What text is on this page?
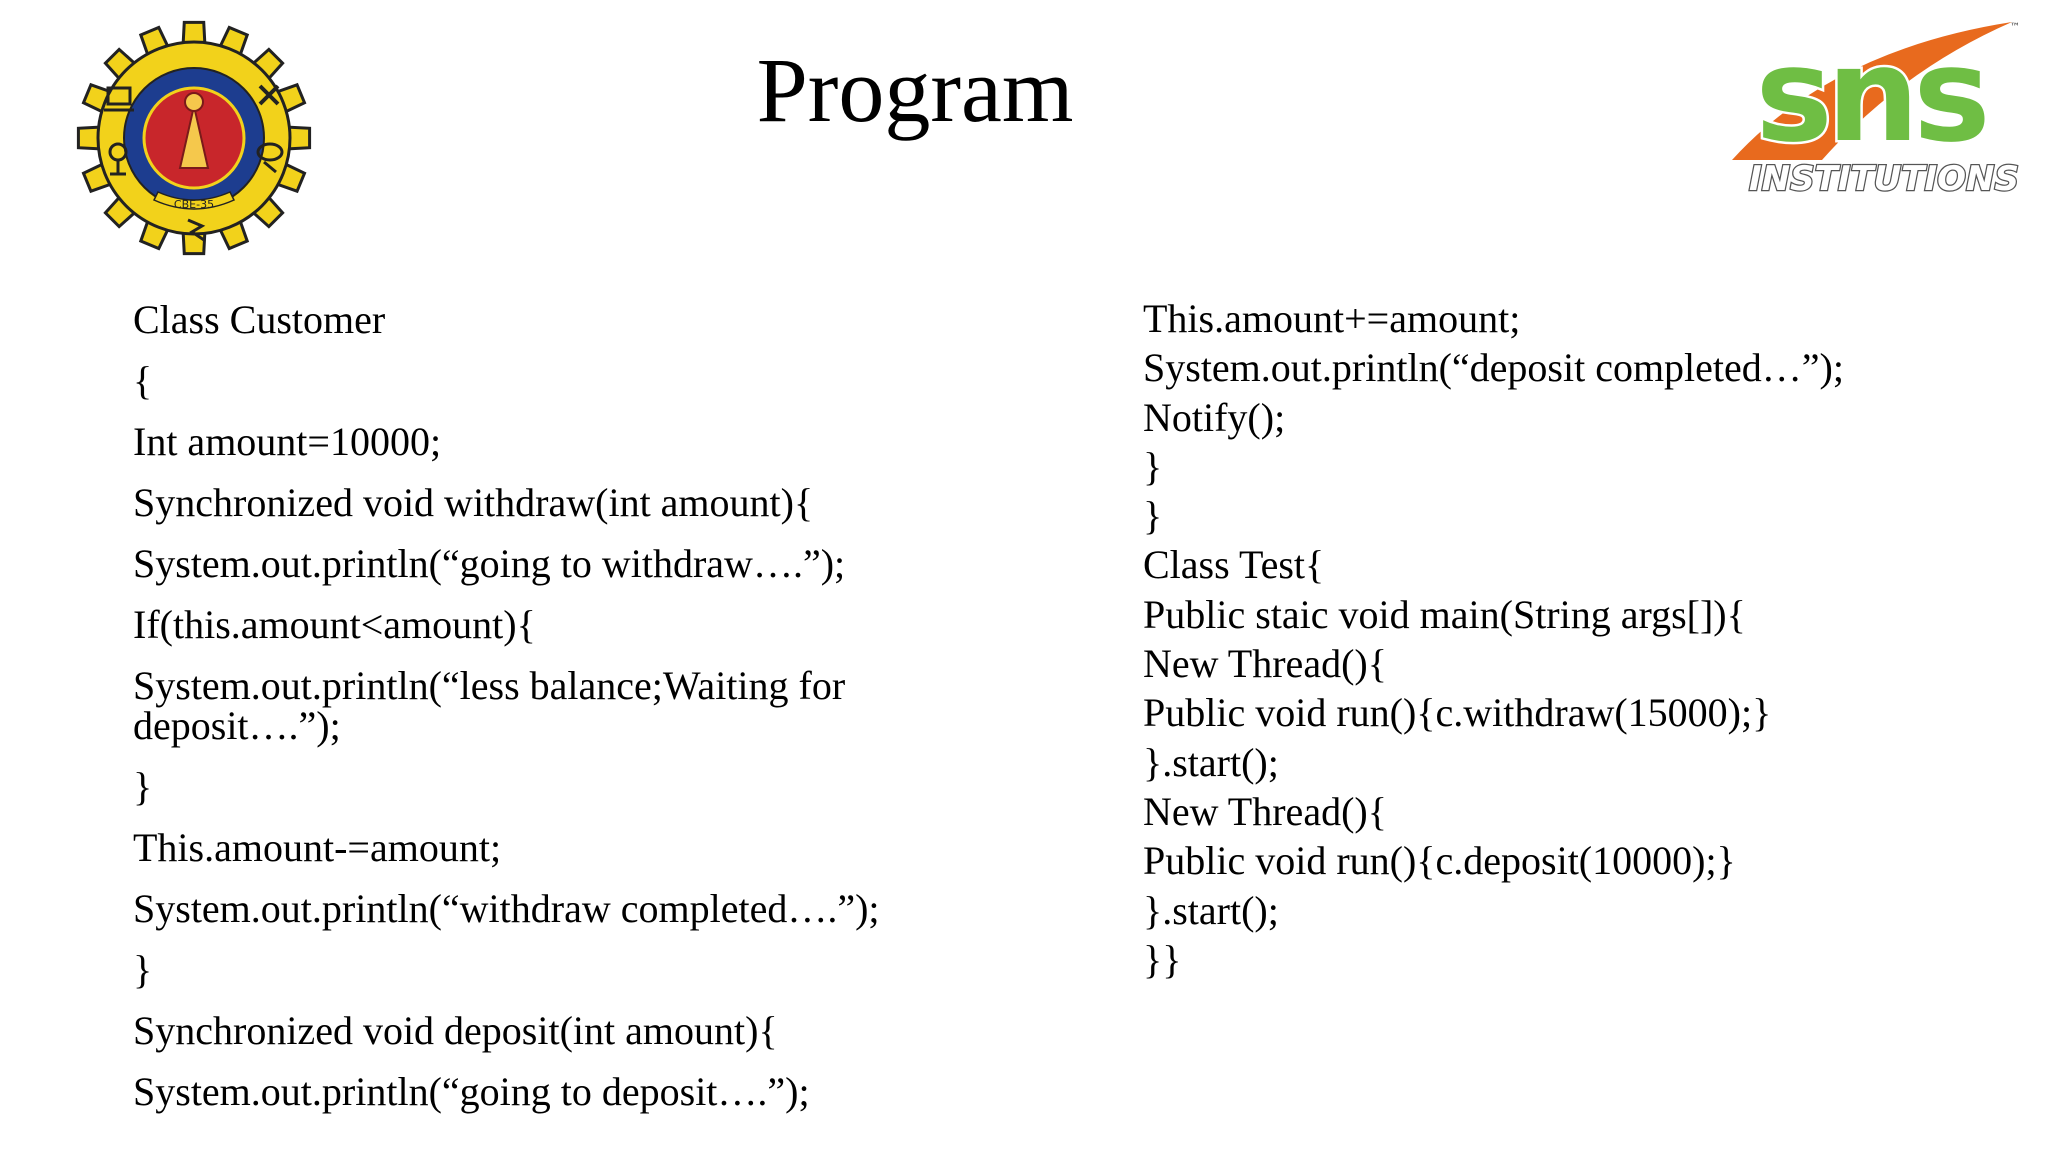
CBE-35
Program	sns
INSTITUTIONS
™
Class Customer
{
Int amount=10000;
Synchronized void withdraw(int amount){
System.out.println(“going to withdraw….”);
If(this.amount<amount){
System.out.println(“less balance;Waiting for deposit….”);
}
This.amount-=amount;
System.out.println(“withdraw completed….”);
}
Synchronized void deposit(int amount){
System.out.println(“going to deposit….”);
This.amount+=amount;
System.out.println(“deposit completed…”);
Notify();
}
}
Class Test{
Public staic void main(String args[]){
New Thread(){
Public void run(){c.withdraw(15000);}
}.start();
New Thread(){
Public void run(){c.deposit(10000);}
}.start();
}}
